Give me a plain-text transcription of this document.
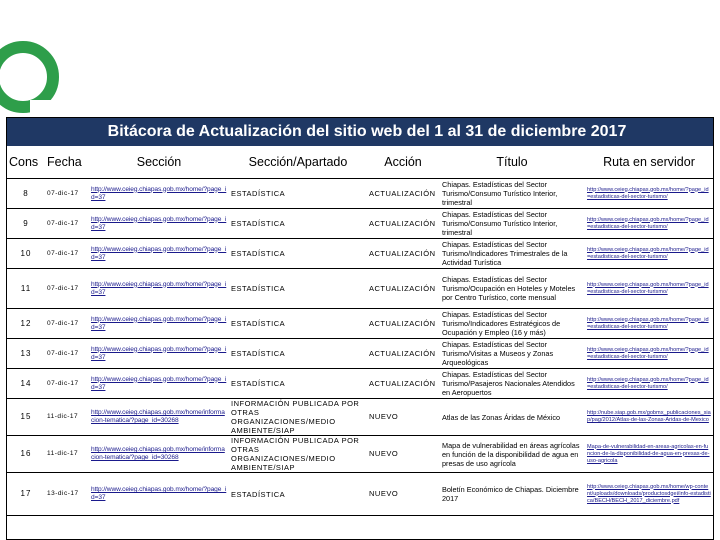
Bitácora de Actualización del sitio web del 1 al 31 de diciembre 2017
Cons	Fecha	Sección	Sección/Apartado	Acción	Título	Ruta en servidor
8	07-dic-17	http://www.ceieg.chiapas.gob.mx/home/?page_id=37	ESTADÍSTICA	ACTUALIZACIÓN	Chiapas. Estadísticas del Sector Turismo/Consumo Turístico Interior, trimestral	http://www.ceieg.chiapas.gob.mx/home/?page_id=estadisticas-del-sector-turismo/
9	07-dic-17	http://www.ceieg.chiapas.gob.mx/home/?page_id=37	ESTADÍSTICA	ACTUALIZACIÓN	Chiapas. Estadísticas del Sector Turismo/Consumo Turístico Interior, trimestral	http://www.ceieg.chiapas.gob.mx/home/?page_id=estadisticas-del-sector-turismo/
10	07-dic-17	http://www.ceieg.chiapas.gob.mx/home/?page_id=37	ESTADÍSTICA	ACTUALIZACIÓN	Chiapas. Estadísticas del Sector Turismo/Indicadores Trimestrales de la Actividad Turística	http://www.ceieg.chiapas.gob.mx/home/?page_id=estadisticas-del-sector-turismo/
11	07-dic-17	http://www.ceieg.chiapas.gob.mx/home/?page_id=37	ESTADÍSTICA	ACTUALIZACIÓN	Chiapas. Estadísticas del Sector Turismo/Ocupación en Hoteles y Moteles por Centro Turístico, corte mensual	http://www.ceieg.chiapas.gob.mx/home/?page_id=estadisticas-del-sector-turismo/
12	07-dic-17	http://www.ceieg.chiapas.gob.mx/home/?page_id=37	ESTADÍSTICA	ACTUALIZACIÓN	Chiapas. Estadísticas del Sector Turismo/Indicadores Estratégicos de Ocupación y Empleo (16 y más)	http://www.ceieg.chiapas.gob.mx/home/?page_id=estadisticas-del-sector-turismo/
13	07-dic-17	http://www.ceieg.chiapas.gob.mx/home/?page_id=37	ESTADÍSTICA	ACTUALIZACIÓN	Chiapas. Estadísticas del Sector Turismo/Visitas a Museos y Zonas Arqueológicas	http://www.ceieg.chiapas.gob.mx/home/?page_id=estadisticas-del-sector-turismo/
14	07-dic-17	http://www.ceieg.chiapas.gob.mx/home/?page_id=37	ESTADÍSTICA	ACTUALIZACIÓN	Chiapas. Estadísticas del Sector Turismo/Pasajeros Nacionales Atendidos en Aeropuertos	http://www.ceieg.chiapas.gob.mx/home/?page_id=estadisticas-del-sector-turismo/
15	11-dic-17	http://www.ceieg.chiapas.gob.mx/home/informacion-tematica/?page_id=30268	INFORMACIÓN PUBLICADA POR OTRAS ORGANIZACIONES/MEDIO AMBIENTE/SIAP	NUEVO	Atlas de las Zonas Áridas de México	http://nube.siap.gob.mx/gobmx_publicaciones_siap/pag/2012/Atlas-de-las-Zonas-Aridas-de-Mexico
16	11-dic-17	http://www.ceieg.chiapas.gob.mx/home/informacion-tematica/?page_id=30268	INFORMACIÓN PUBLICADA POR OTRAS ORGANIZACIONES/MEDIO AMBIENTE/SIAP	NUEVO	Mapa de vulnerabilidad en áreas agrícolas en función de la disponibilidad de agua en presas de uso agrícola	Mapa-de-vulnerabilidad-en-areas-agricolas-en-funcion-de-la-disponibilidad-de-agua-en-presas-de-uso-agricola
17	13-dic-17	http://www.ceieg.chiapas.gob.mx/home/?page_id=37	ESTADÍSTICA	NUEVO	Boletín Económico de Chiapas. Diciembre 2017	http://www.ceieg.chiapas.gob.mx/home/wp-content/uploads/downloads/productosdgei/info-estadistica/BECH/BECH_2017_diciembre.pdf
